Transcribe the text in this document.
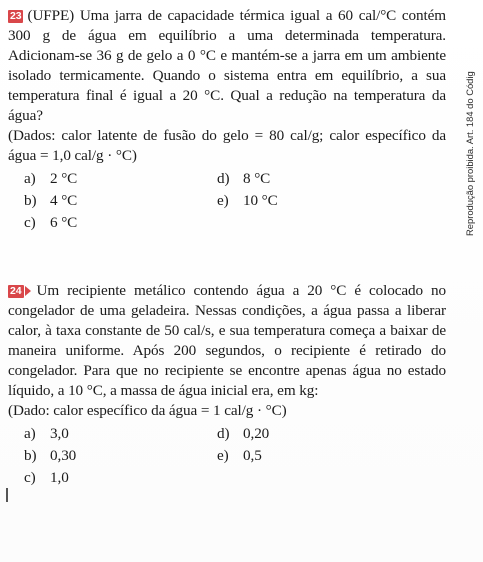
23 (UFPE) Uma jarra de capacidade térmica igual a 60 cal/°C contém 300 g de água em equilíbrio a uma determinada temperatura. Adicionam-se 36 g de gelo a 0 °C e mantém-se a jarra em um ambiente isolado termicamente. Quando o sistema entra em equilíbrio, a sua temperatura final é igual a 20 °C. Qual a redução na temperatura da água?

(Dados: calor latente de fusão do gelo = 80 cal/g; calor específico da água = 1,0 cal/g · °C)

a) 2 °C	d) 8 °C
b) 4 °C	e) 10 °C
c) 6 °C

24 Um recipiente metálico contendo água a 20 °C é colocado no congelador de uma geladeira. Nessas condições, a água passa a liberar calor, à taxa constante de 50 cal/s, e sua temperatura começa a baixar de maneira uniforme. Após 200 segundos, o recipiente é retirado do congelador. Para que no recipiente se encontre apenas água no estado líquido, a 10 °C, a massa de água inicial era, em kg:

(Dado: calor específico da água = 1 cal/g · °C)

a) 3,0	d) 0,20
b) 0,30	e) 0,5
c) 1,0
Reprodução proibida. Art. 184 do Códig
